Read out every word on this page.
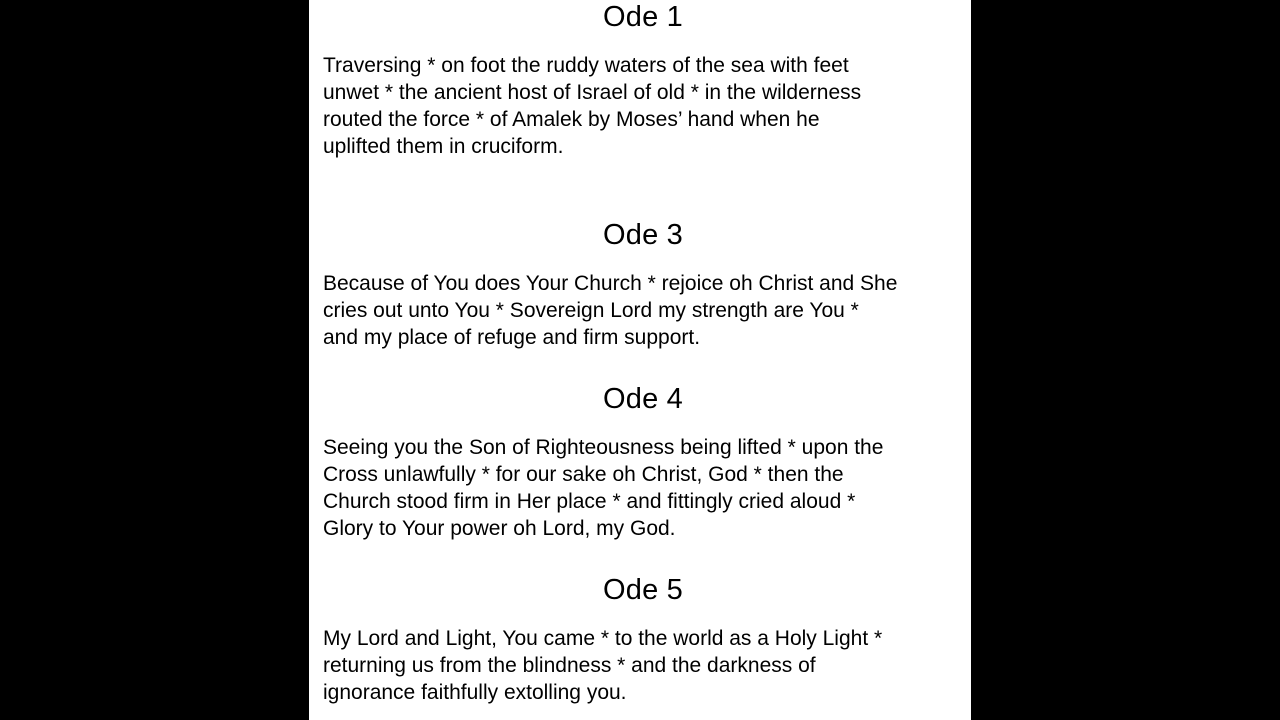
Ode 1

Traversing * on foot the ruddy waters of the sea with feet
unwet * the ancient host of Israel of old * in the wilderness
routed the force * of Amalek by Moses’ hand when he
uplifted them in cruciform.

Ode 3

Because of You does Your Church * rejoice oh Christ and She
cries out unto You * Sovereign Lord my strength are You *
and my place of refuge and firm support.

Ode 4

Seeing you the Son of Righteousness being lifted * upon the
Cross unlawfully * for our sake oh Christ, God * then the
Church stood firm in Her place * and fittingly cried aloud *
Glory to Your power oh Lord, my God.

Ode 5

My Lord and Light, You came * to the world as a Holy Light *
returning us from the blindness * and the darkness of
ignorance faithfully extolling you.
